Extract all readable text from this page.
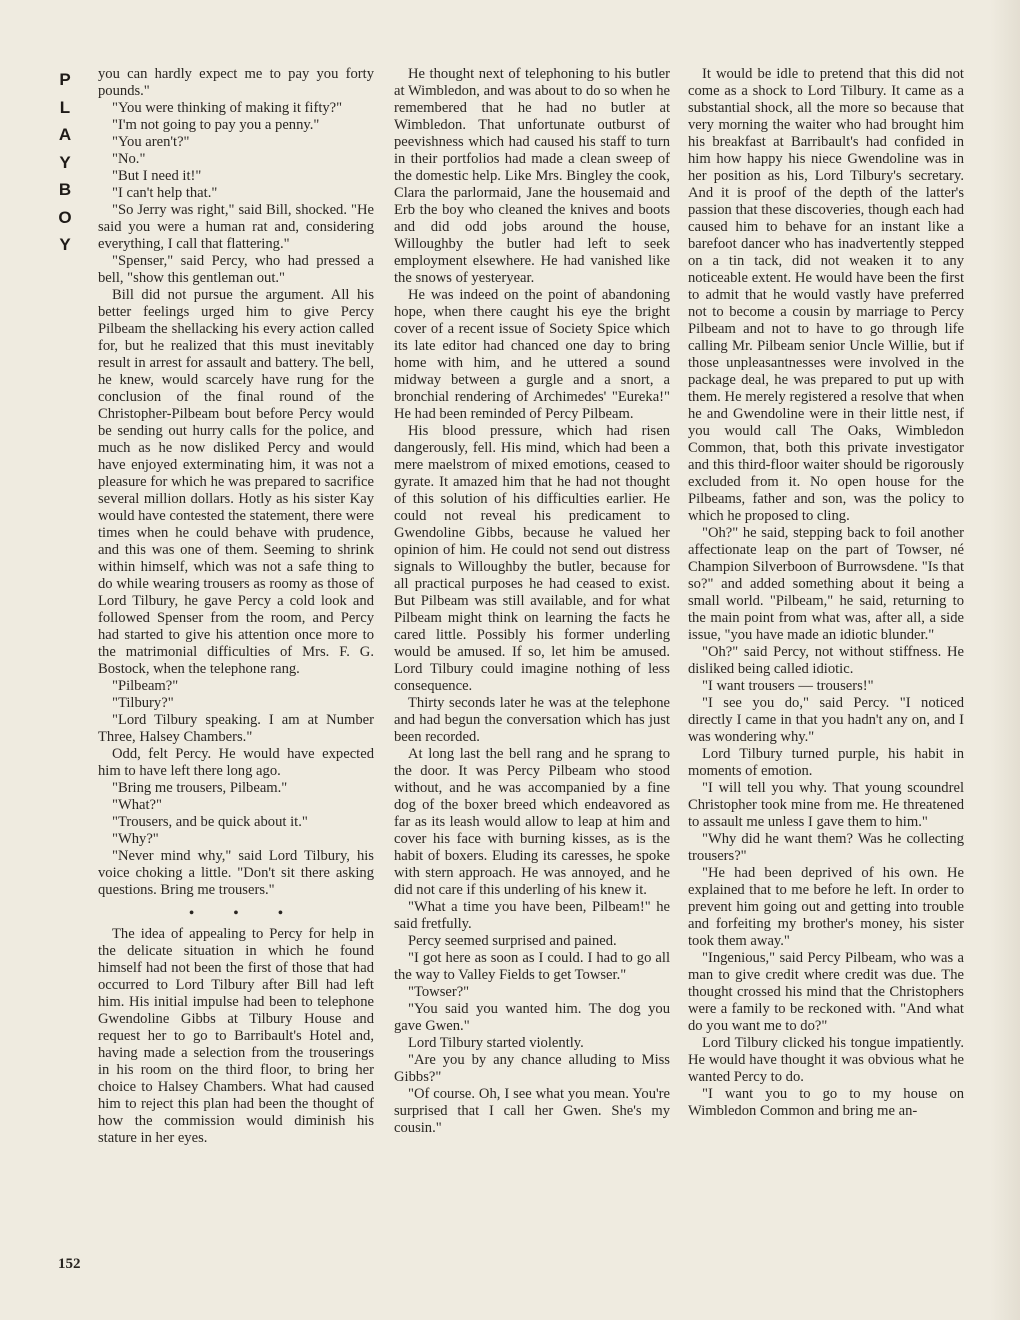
P
L
A
Y
B
O
Y

you can hardly expect me to pay you forty pounds."

"You were thinking of making it fifty?"

"I'm not going to pay you a penny."

"You aren't?"

"No."

"But I need it!"

"I can't help that."

"So Jerry was right," said Bill, shocked. "He said you were a human rat and, considering everything, I call that flattering."

"Spenser," said Percy, who had pressed a bell, "show this gentleman out."

Bill did not pursue the argument. All his better feelings urged him to give Percy Pilbeam the shellacking his every action called for, but he realized that this must inevitably result in arrest for assault and battery. The bell, he knew, would scarcely have rung for the conclusion of the final round of the Christopher-Pilbeam bout before Percy would be sending out hurry calls for the police, and much as he now disliked Percy and would have enjoyed exterminating him, it was not a pleasure for which he was prepared to sacrifice several million dollars. Hotly as his sister Kay would have contested the statement, there were times when he could behave with prudence, and this was one of them. Seeming to shrink within himself, which was not a safe thing to do while wearing trousers as roomy as those of Lord Tilbury, he gave Percy a cold look and followed Spenser from the room, and Percy had started to give his attention once more to the matrimonial difficulties of Mrs. F. G. Bostock, when the telephone rang.

"Pilbeam?"

"Tilbury?"

"Lord Tilbury speaking. I am at Number Three, Halsey Chambers."

Odd, felt Percy. He would have expected him to have left there long ago.

"Bring me trousers, Pilbeam."

"What?"

"Trousers, and be quick about it."

"Why?"

"Never mind why," said Lord Tilbury, his voice choking a little. "Don't sit there asking questions. Bring me trousers."

• • •

The idea of appealing to Percy for help in the delicate situation in which he found himself had not been the first of those that had occurred to Lord Tilbury after Bill had left him. His initial impulse had been to telephone Gwendoline Gibbs at Tilbury House and request her to go to Barribault's Hotel and, having made a selection from the trouserings in his room on the third floor, to bring her choice to Halsey Chambers. What had caused him to reject this plan had been the thought of how the commission would diminish his stature in her eyes.

He thought next of telephoning to his butler at Wimbledon, and was about to do so when he remembered that he had no butler at Wimbledon. That unfortunate outburst of peevishness which had caused his staff to turn in their portfolios had made a clean sweep of the domestic help. Like Mrs. Bingley the cook, Clara the parlormaid, Jane the housemaid and Erb the boy who cleaned the knives and boots and did odd jobs around the house, Willoughby the butler had left to seek employment elsewhere. He had vanished like the snows of yesteryear.

He was indeed on the point of abandoning hope, when there caught his eye the bright cover of a recent issue of Society Spice which its late editor had chanced one day to bring home with him, and he uttered a sound midway between a gurgle and a snort, a bronchial rendering of Archimedes' "Eureka!" He had been reminded of Percy Pilbeam.

His blood pressure, which had risen dangerously, fell. His mind, which had been a mere maelstrom of mixed emotions, ceased to gyrate. It amazed him that he had not thought of this solution of his difficulties earlier. He could not reveal his predicament to Gwendoline Gibbs, because he valued her opinion of him. He could not send out distress signals to Willoughby the butler, because for all practical purposes he had ceased to exist. But Pilbeam was still available, and for what Pilbeam might think on learning the facts he cared little. Possibly his former underling would be amused. If so, let him be amused. Lord Tilbury could imagine nothing of less consequence.

Thirty seconds later he was at the telephone and had begun the conversation which has just been recorded.

At long last the bell rang and he sprang to the door. It was Percy Pilbeam who stood without, and he was accompanied by a fine dog of the boxer breed which endeavored as far as its leash would allow to leap at him and cover his face with burning kisses, as is the habit of boxers. Eluding its caresses, he spoke with stern approach. He was annoyed, and he did not care if this underling of his knew it.

"What a time you have been, Pilbeam!" he said fretfully.

Percy seemed surprised and pained.

"I got here as soon as I could. I had to go all the way to Valley Fields to get Towser."

"Towser?"

"You said you wanted him. The dog you gave Gwen."

Lord Tilbury started violently.

"Are you by any chance alluding to Miss Gibbs?"

"Of course. Oh, I see what you mean. You're surprised that I call her Gwen. She's my cousin."

It would be idle to pretend that this did not come as a shock to Lord Tilbury. It came as a substantial shock, all the more so because that very morning the waiter who had brought him his breakfast at Barribault's had confided in him how happy his niece Gwendoline was in her position as his, Lord Tilbury's secretary. And it is proof of the depth of the latter's passion that these discoveries, though each had caused him to behave for an instant like a barefoot dancer who has inadvertently stepped on a tin tack, did not weaken it to any noticeable extent. He would have been the first to admit that he would vastly have preferred not to become a cousin by marriage to Percy Pilbeam and not to have to go through life calling Mr. Pilbeam senior Uncle Willie, but if those unpleasantnesses were involved in the package deal, he was prepared to put up with them. He merely registered a resolve that when he and Gwendoline were in their little nest, if you would call The Oaks, Wimbledon Common, that, both this private investigator and this third-floor waiter should be rigorously excluded from it. No open house for the Pilbeams, father and son, was the policy to which he proposed to cling.

"Oh?" he said, stepping back to foil another affectionate leap on the part of Towser, né Champion Silverboon of Burrowsdene. "Is that so?" and added something about it being a small world. "Pilbeam," he said, returning to the main point from what was, after all, a side issue, "you have made an idiotic blunder."

"Oh?" said Percy, not without stiffness. He disliked being called idiotic.

"I want trousers — trousers!"

"I see you do," said Percy. "I noticed directly I came in that you hadn't any on, and I was wondering why."

Lord Tilbury turned purple, his habit in moments of emotion.

"I will tell you why. That young scoundrel Christopher took mine from me. He threatened to assault me unless I gave them to him."

"Why did he want them? Was he collecting trousers?"

"He had been deprived of his own. He explained that to me before he left. In order to prevent him going out and getting into trouble and forfeiting my brother's money, his sister took them away."

"Ingenious," said Percy Pilbeam, who was a man to give credit where credit was due. The thought crossed his mind that the Christophers were a family to be reckoned with. "And what do you want me to do?"

Lord Tilbury clicked his tongue impatiently. He would have thought it was obvious what he wanted Percy to do.

"I want you to go to my house on Wimbledon Common and bring me an-

152
